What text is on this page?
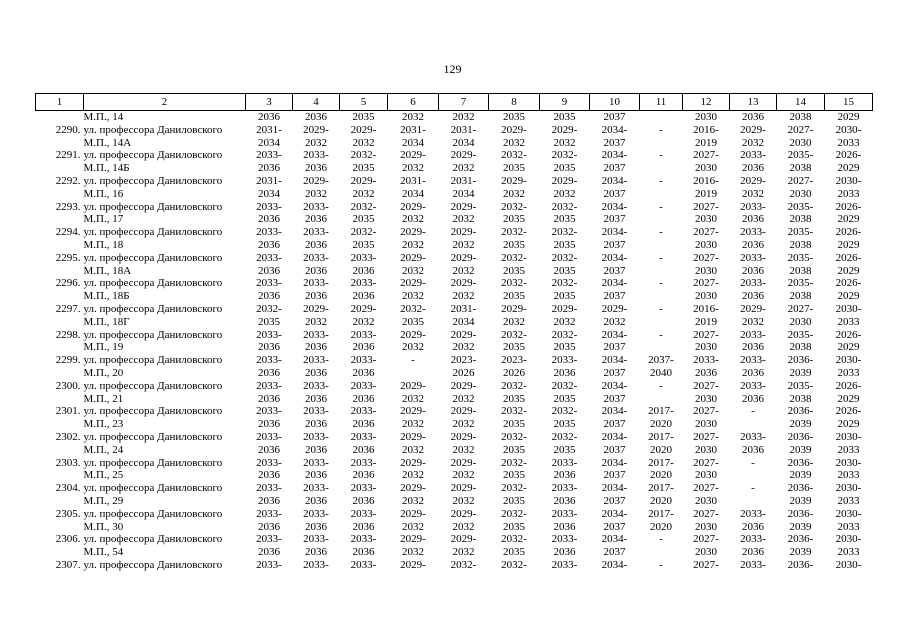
129
1	2	3	4	5	6	7	8	9	10	11	12	13	14	15
	М.П., 14	2036	2036	2035	2032	2032	2035	2035	2037		2030	2036	2038	2029
2290.	ул. профессора Даниловского	2031-	2029-	2029-	2031-	2031-	2029-	2029-	2034-	-	2016-	2029-	2027-	2030-
	М.П., 14А	2034	2032	2032	2034	2034	2032	2032	2037		2019	2032	2030	2033
2291.	ул. профессора Даниловского	2033-	2033-	2032-	2029-	2029-	2032-	2032-	2034-	-	2027-	2033-	2035-	2026-
	М.П., 14Б	2036	2036	2035	2032	2032	2035	2035	2037		2030	2036	2038	2029
2292.	ул. профессора Даниловского	2031-	2029-	2029-	2031-	2031-	2029-	2029-	2034-	-	2016-	2029-	2027-	2030-
	М.П., 16	2034	2032	2032	2034	2034	2032	2032	2037		2019	2032	2030	2033
2293.	ул. профессора Даниловского	2033-	2033-	2032-	2029-	2029-	2032-	2032-	2034-	-	2027-	2033-	2035-	2026-
	М.П., 17	2036	2036	2035	2032	2032	2035	2035	2037		2030	2036	2038	2029
2294.	ул. профессора Даниловского	2033-	2033-	2032-	2029-	2029-	2032-	2032-	2034-	-	2027-	2033-	2035-	2026-
	М.П., 18	2036	2036	2035	2032	2032	2035	2035	2037		2030	2036	2038	2029
2295.	ул. профессора Даниловского	2033-	2033-	2033-	2029-	2029-	2032-	2032-	2034-	-	2027-	2033-	2035-	2026-
	М.П., 18А	2036	2036	2036	2032	2032	2035	2035	2037		2030	2036	2038	2029
2296.	ул. профессора Даниловского	2033-	2033-	2033-	2029-	2029-	2032-	2032-	2034-	-	2027-	2033-	2035-	2026-
	М.П., 18Б	2036	2036	2036	2032	2032	2035	2035	2037		2030	2036	2038	2029
2297.	ул. профессора Даниловского	2032-	2029-	2029-	2032-	2031-	2029-	2029-	2029-	-	2016-	2029-	2027-	2030-
	М.П., 18Г	2035	2032	2032	2035	2034	2032	2032	2032		2019	2032	2030	2033
2298.	ул. профессора Даниловского	2033-	2033-	2033-	2029-	2029-	2032-	2032-	2034-	-	2027-	2033-	2035-	2026-
	М.П., 19	2036	2036	2036	2032	2032	2035	2035	2037		2030	2036	2038	2029
2299.	ул. профессора Даниловского	2033-	2033-	2033-	-	2023-	2023-	2033-	2034-	2037-	2033-	2033-	2036-	2030-
	М.П., 20	2036	2036	2036		2026	2026	2036	2037	2040	2036	2036	2039	2033
2300.	ул. профессора Даниловского	2033-	2033-	2033-	2029-	2029-	2032-	2032-	2034-	-	2027-	2033-	2035-	2026-
	М.П., 21	2036	2036	2036	2032	2032	2035	2035	2037		2030	2036	2038	2029
2301.	ул. профессора Даниловского	2033-	2033-	2033-	2029-	2029-	2032-	2032-	2034-	2017-	2027-	-	2036-	2026-
	М.П., 23	2036	2036	2036	2032	2032	2035	2035	2037	2020	2030		2039	2029
2302.	ул. профессора Даниловского	2033-	2033-	2033-	2029-	2029-	2032-	2032-	2034-	2017-	2027-	2033-	2036-	2030-
	М.П., 24	2036	2036	2036	2032	2032	2035	2035	2037	2020	2030	2036	2039	2033
2303.	ул. профессора Даниловского	2033-	2033-	2033-	2029-	2029-	2032-	2033-	2034-	2017-	2027-	-	2036-	2030-
	М.П., 25	2036	2036	2036	2032	2032	2035	2036	2037	2020	2030		2039	2033
2304.	ул. профессора Даниловского	2033-	2033-	2033-	2029-	2029-	2032-	2033-	2034-	2017-	2027-	-	2036-	2030-
	М.П., 29	2036	2036	2036	2032	2032	2035	2036	2037	2020	2030		2039	2033
2305.	ул. профессора Даниловского	2033-	2033-	2033-	2029-	2029-	2032-	2033-	2034-	2017-	2027-	2033-	2036-	2030-
	М.П., 30	2036	2036	2036	2032	2032	2035	2036	2037	2020	2030	2036	2039	2033
2306.	ул. профессора Даниловского	2033-	2033-	2033-	2029-	2029-	2032-	2033-	2034-	-	2027-	2033-	2036-	2030-
	М.П., 54	2036	2036	2036	2032	2032	2035	2036	2037		2030	2036	2039	2033
2307.	ул. профессора Даниловского	2033-	2033-	2033-	2029-	2032-	2032-	2033-	2034-	-	2027-	2033-	2036-	2030-
